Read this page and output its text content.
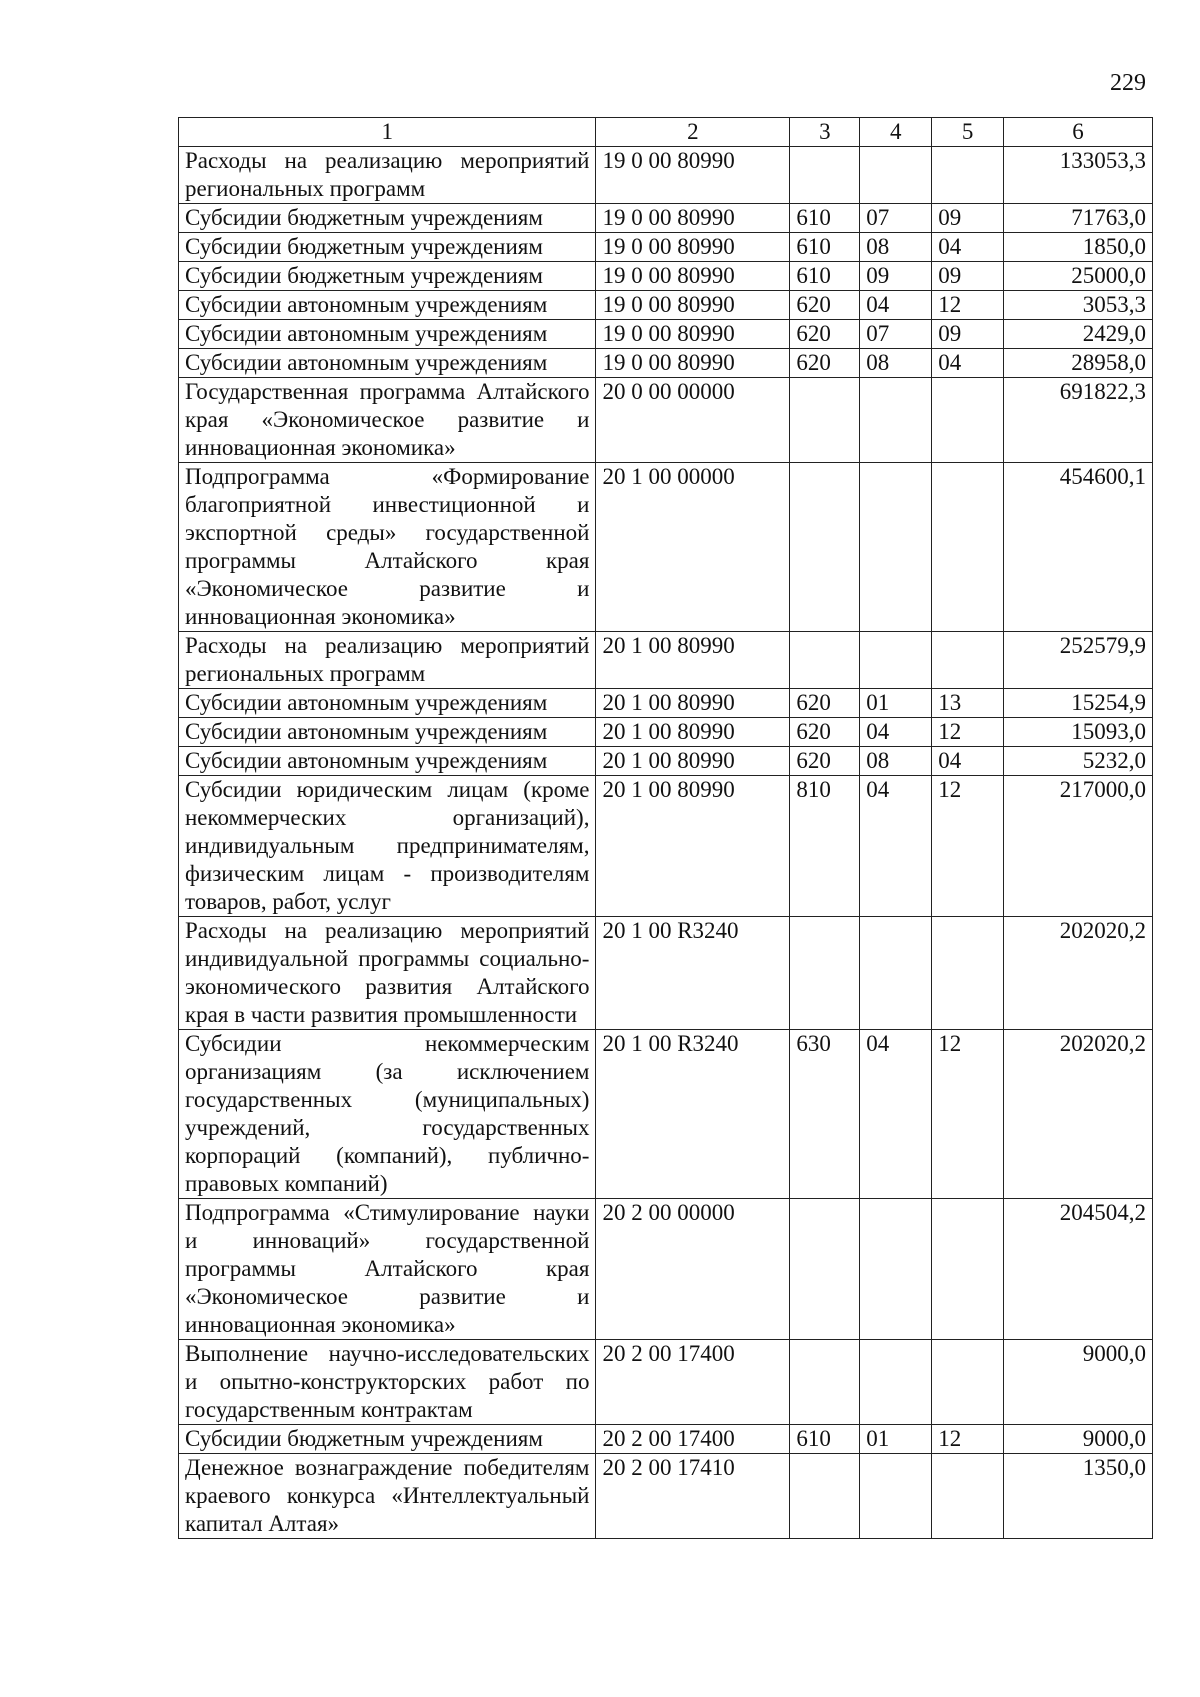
229
1	2	3	4	5	6
Расходы на реализацию мероприятий региональных программ	19 0 00 80990				133053,3
Субсидии бюджетным учреждениям	19 0 00 80990	610	07	09	71763,0
Субсидии бюджетным учреждениям	19 0 00 80990	610	08	04	1850,0
Субсидии бюджетным учреждениям	19 0 00 80990	610	09	09	25000,0
Субсидии автономным учреждениям	19 0 00 80990	620	04	12	3053,3
Субсидии автономным учреждениям	19 0 00 80990	620	07	09	2429,0
Субсидии автономным учреждениям	19 0 00 80990	620	08	04	28958,0
Государственная программа Алтайского края «Экономическое развитие и инновационная экономика»	20 0 00 00000				691822,3
Подпрограмма «Формирование благоприятной инвестиционной и экспортной среды» государственной программы Алтайского края «Экономическое развитие и инновационная экономика»	20 1 00 00000				454600,1
Расходы на реализацию мероприятий региональных программ	20 1 00 80990				252579,9
Субсидии автономным учреждениям	20 1 00 80990	620	01	13	15254,9
Субсидии автономным учреждениям	20 1 00 80990	620	04	12	15093,0
Субсидии автономным учреждениям	20 1 00 80990	620	08	04	5232,0
Субсидии юридическим лицам (кроме некоммерческих организаций), индивидуальным предпринимателям, физическим лицам - производителям товаров, работ, услуг	20 1 00 80990	810	04	12	217000,0
Расходы на реализацию мероприятий индивидуальной программы социально-экономического развития Алтайского края в части развития промышленности	20 1 00 R3240				202020,2
Субсидии некоммерческим организациям (за исключением государственных (муниципальных) учреждений, государственных корпораций (компаний), публично-правовых компаний)	20 1 00 R3240	630	04	12	202020,2
Подпрограмма «Стимулирование науки и инноваций» государственной программы Алтайского края «Экономическое развитие и инновационная экономика»	20 2 00 00000				204504,2
Выполнение научно-исследовательских и опытно-конструкторских работ по государственным контрактам	20 2 00 17400				9000,0
Субсидии бюджетным учреждениям	20 2 00 17400	610	01	12	9000,0
Денежное вознаграждение победителям краевого конкурса «Интеллектуальный капитал Алтая»	20 2 00 17410				1350,0
